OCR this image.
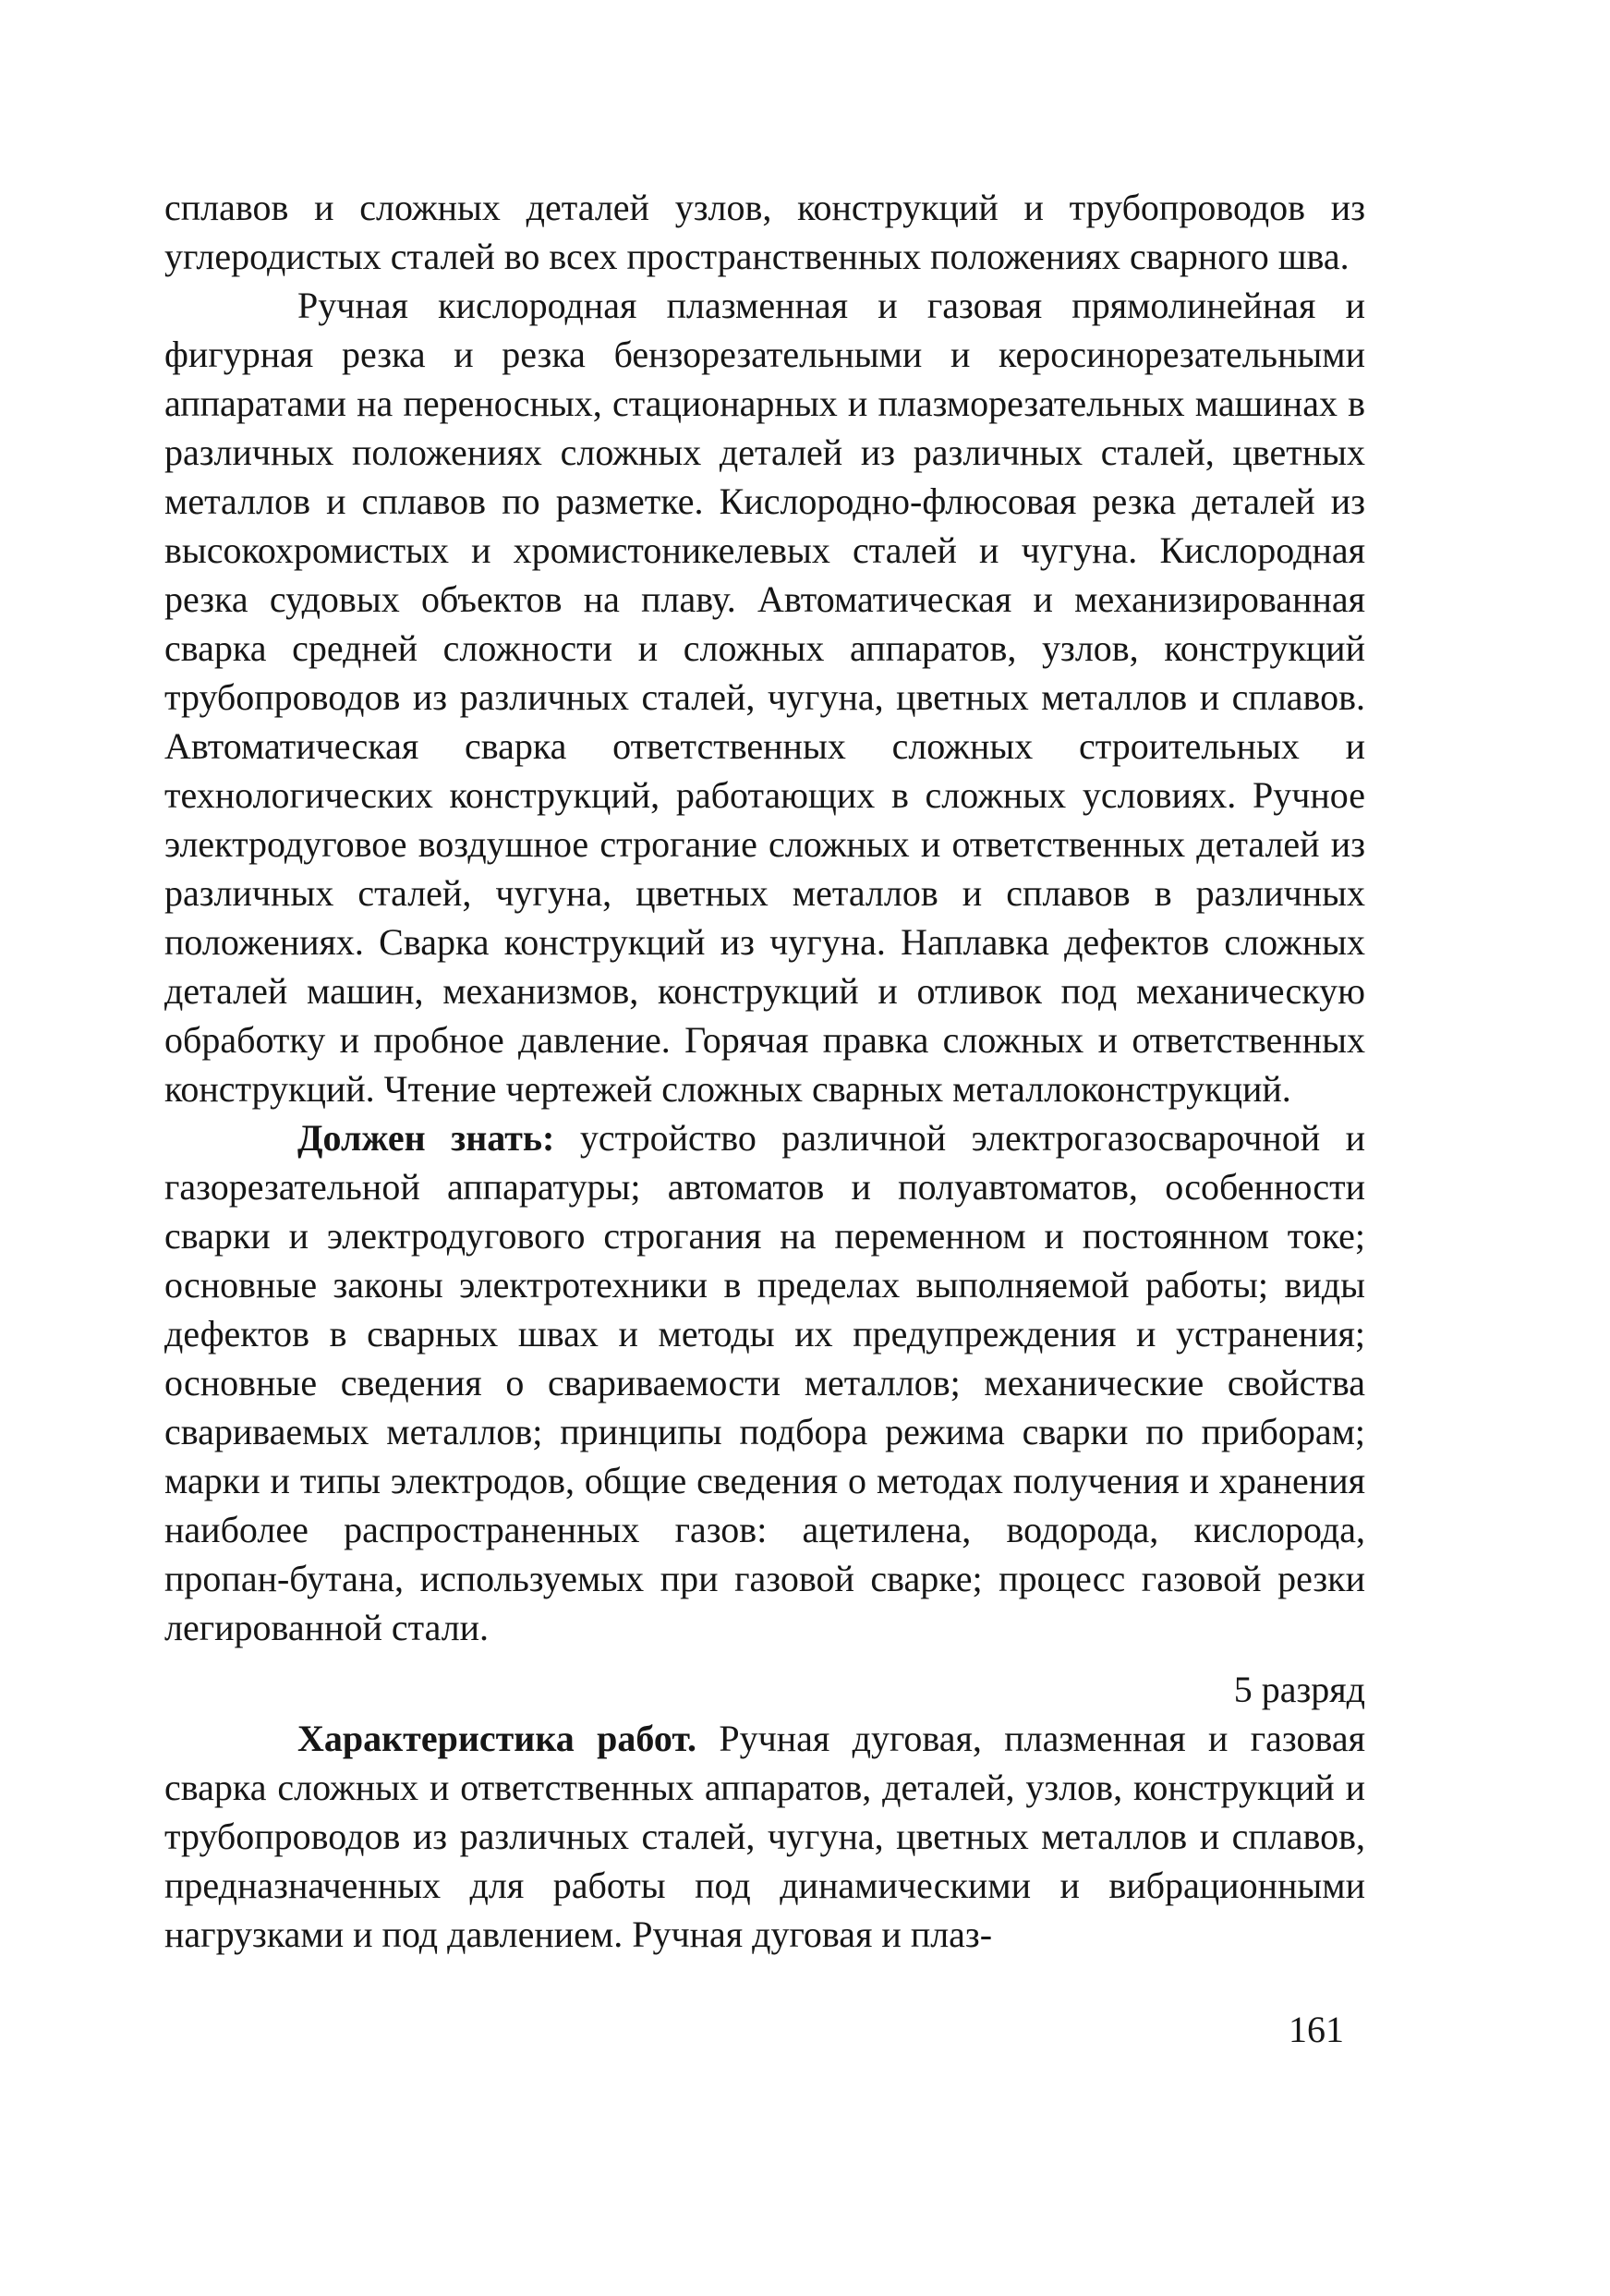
сплавов и сложных деталей узлов, конструкций и трубопроводов из углеродистых сталей во всех пространственных положениях сварного шва.

Ручная кислородная плазменная и газовая прямолинейная и фигурная резка и резка бензорезательными и керосинорезательными аппаратами на переносных, стационарных и плазморезательных машинах в различных положениях сложных деталей из различных сталей, цветных металлов и сплавов по разметке. Кислородно-флюсовая резка деталей из высокохромистых и хромистоникелевых сталей и чугуна. Кислородная резка судовых объектов на плаву. Автоматическая и механизированная сварка средней сложности и сложных аппаратов, узлов, конструкций трубопроводов из различных сталей, чугуна, цветных металлов и сплавов. Автоматическая сварка ответственных сложных строительных и технологических конструкций, работающих в сложных условиях. Ручное электродуговое воздушное строгание сложных и ответственных деталей из различных сталей, чугуна, цветных металлов и сплавов в различных положениях. Сварка конструкций из чугуна. Наплавка дефектов сложных деталей машин, механизмов, конструкций и отливок под механическую обработку и пробное давление. Горячая правка сложных и ответственных конструкций. Чтение чертежей сложных сварных металлоконструкций.

Должен знать: устройство различной электрогазосварочной и газорезательной аппаратуры; автоматов и полуавтоматов, особенности сварки и электродугового строгания на переменном и постоянном токе; основные законы электротехники в пределах выполняемой работы; виды дефектов в сварных швах и методы их предупреждения и устранения; основные сведения о свариваемости металлов; механические свойства свариваемых металлов; принципы подбора режима сварки по приборам; марки и типы электродов, общие сведения о методах получения и хранения наиболее распространенных газов: ацетилена, водорода, кислорода, пропан-бутана, используемых при газовой сварке; процесс газовой резки легированной стали.

5 разряд

Характеристика работ. Ручная дуговая, плазменная и газовая сварка сложных и ответственных аппаратов, деталей, узлов, конструкций и трубопроводов из различных сталей, чугуна, цветных металлов и сплавов, предназначенных для работы под динамическими и вибрационными нагрузками и под давлением. Ручная дуговая и плаз-

161
